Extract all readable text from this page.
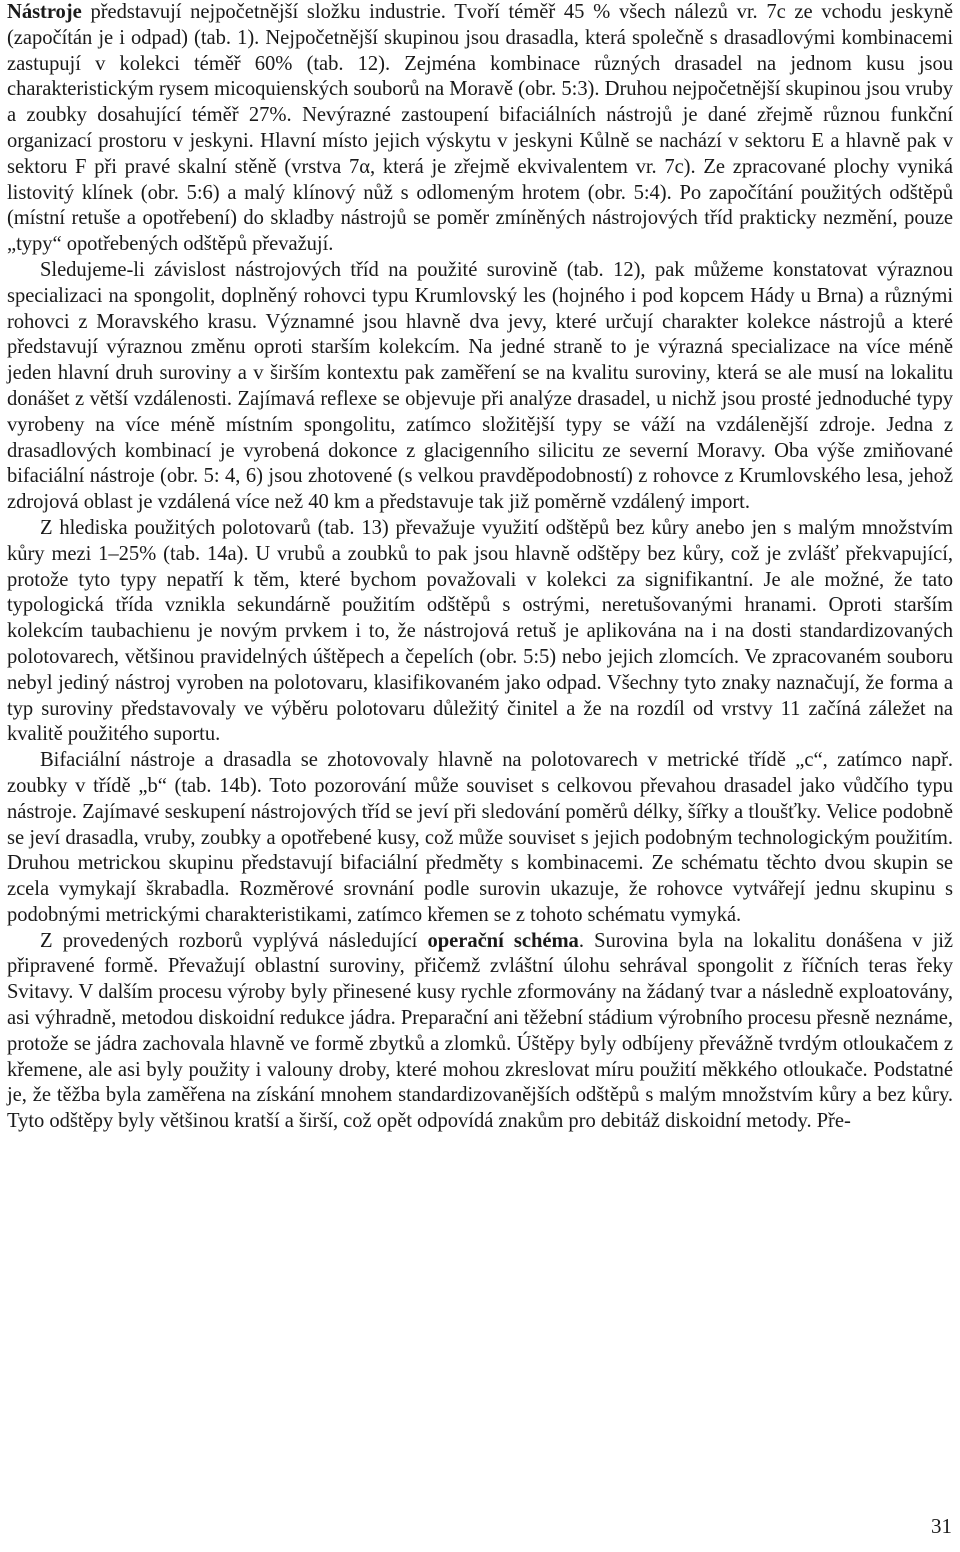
Nástroje představují nejpočetnější složku industrie. Tvoří téměř 45 % všech nálezů vr. 7c ze vchodu jeskyně (započítán je i odpad) (tab. 1). Nejpočetnější skupinou jsou drasadla, která společně s drasadlovými kombinacemi zastupují v kolekci téměř 60% (tab. 12). Zejména kombinace různých drasadel na jednom kusu jsou charakteristickým rysem micoquienských souborů na Moravě (obr. 5:3). Druhou nejpočetnější skupinou jsou vruby a zoubky dosahující téměř 27%. Nevýrazné zastoupení bifaciálních nástrojů je dané zřejmě různou funkční organizací prostoru v jeskyni. Hlavní místo jejich výskytu v jeskyni Kůlně se nachází v sektoru E a hlavně pak v sektoru F při pravé skalní stěně (vrstva 7α, která je zřejmě ekvivalentem vr. 7c). Ze zpracované plochy vyniká listovitý klínek (obr. 5:6) a malý klínový nůž s odlomeným hrotem (obr. 5:4). Po započítání použitých odštěpů (místní retuše a opotřebení) do skladby nástrojů se poměr zmíněných nástrojových tříd prakticky nezmění, pouze „typy“ opotřebených odštěpů převažují.

Sledujeme-li závislost nástrojových tříd na použité surovině (tab. 12), pak můžeme konstatovat výraznou specializaci na spongolit, doplněný rohovci typu Krumlovský les (hojného i pod kopcem Hády u Brna) a různými rohovci z Moravského krasu. Významné jsou hlavně dva jevy, které určují charakter kolekce nástrojů a které představují výraznou změnu oproti starším kolekcím. Na jedné straně to je výrazná specializace na více méně jeden hlavní druh suroviny a v širším kontextu pak zaměření se na kvalitu suroviny, která se ale musí na lokalitu donášet z větší vzdálenosti. Zajímavá reflexe se objevuje při analýze drasadel, u nichž jsou prosté jednoduché typy vyrobeny na více méně místním spongolitu, zatímco složitější typy se váží na vzdálenější zdroje. Jedna z drasadlových kombinací je vyrobená dokonce z glacigenního silicitu ze severní Moravy. Oba výše zmiňované bifaciální nástroje (obr. 5: 4, 6) jsou zhotovené (s velkou pravděpodobností) z rohovce z Krumlovského lesa, jehož zdrojová oblast je vzdálená více než 40 km a představuje tak již poměrně vzdálený import.

Z hlediska použitých polotovarů (tab. 13) převažuje využití odštěpů bez kůry anebo jen s malým množstvím kůry mezi 1–25% (tab. 14a). U vrubů a zoubků to pak jsou hlavně odštěpy bez kůry, což je zvlášť překvapující, protože tyto typy nepatří k těm, které bychom považovali v kolekci za signifikantní. Je ale možné, že tato typologická třída vznikla sekundárně použitím odštěpů s ostrými, neretušovanými hranami. Oproti starším kolekcím taubachienu je novým prvkem i to, že nástrojová retuš je aplikována na i na dosti standardizovaných polotovarech, většinou pravidelných úštěpech a čepelích (obr. 5:5) nebo jejich zlomcích. Ve zpracovaném souboru nebyl jediný nástroj vyroben na polotovaru, klasifikovaném jako odpad. Všechny tyto znaky naznačují, že forma a typ suroviny představovaly ve výběru polotovaru důležitý činitel a že na rozdíl od vrstvy 11 začíná záležet na kvalitě použitého suportu.

Bifaciální nástroje a drasadla se zhotovovaly hlavně na polotovarech v metrické třídě „c“, zatímco např. zoubky v třídě „b“ (tab. 14b). Toto pozorování může souviset s celkovou převahou drasadel jako vůdčího typu nástroje. Zajímavé seskupení nástrojových tříd se jeví při sledování poměrů délky, šířky a tloušťky. Velice podobně se jeví drasadla, vruby, zoubky a opotřebené kusy, což může souviset s jejich podobným technologickým použitím. Druhou metrickou skupinu představují bifaciální předměty s kombinacemi. Ze schématu těchto dvou skupin se zcela vymykají škrabadla. Rozměrové srovnání podle surovin ukazuje, že rohovce vytvářejí jednu skupinu s podobnými metrickými charakteristikami, zatímco křemen se z tohoto schématu vymyká.

Z provedených rozborů vyplývá následující operační schéma. Surovina byla na lokalitu donášena v již připravené formě. Převažují oblastní suroviny, přičemž zvláštní úlohu sehrával spongolit z říčních teras řeky Svitavy. V dalším procesu výroby byly přinesené kusy rychle zformovány na žádaný tvar a následně exploatovány, asi výhradně, metodou diskoidní redukce jádra. Preparační ani těžební stádium výrobního procesu přesně neznáme, protože se jádra zachovala hlavně ve formě zbytků a zlomků. Úštěpy byly odbíjeny převážně tvrdým otloukačem z křemene, ale asi byly použity i valouny droby, které mohou zkreslovat míru použití měkkého otloukače. Podstatné je, že těžba byla zaměřena na získání mnohem standardizovanějších odštěpů s malým množstvím kůry a bez kůry. Tyto odštěpy byly většinou kratší a širší, což opět odpovídá znakům pro debitáž diskoidní metody. Pře-

31
